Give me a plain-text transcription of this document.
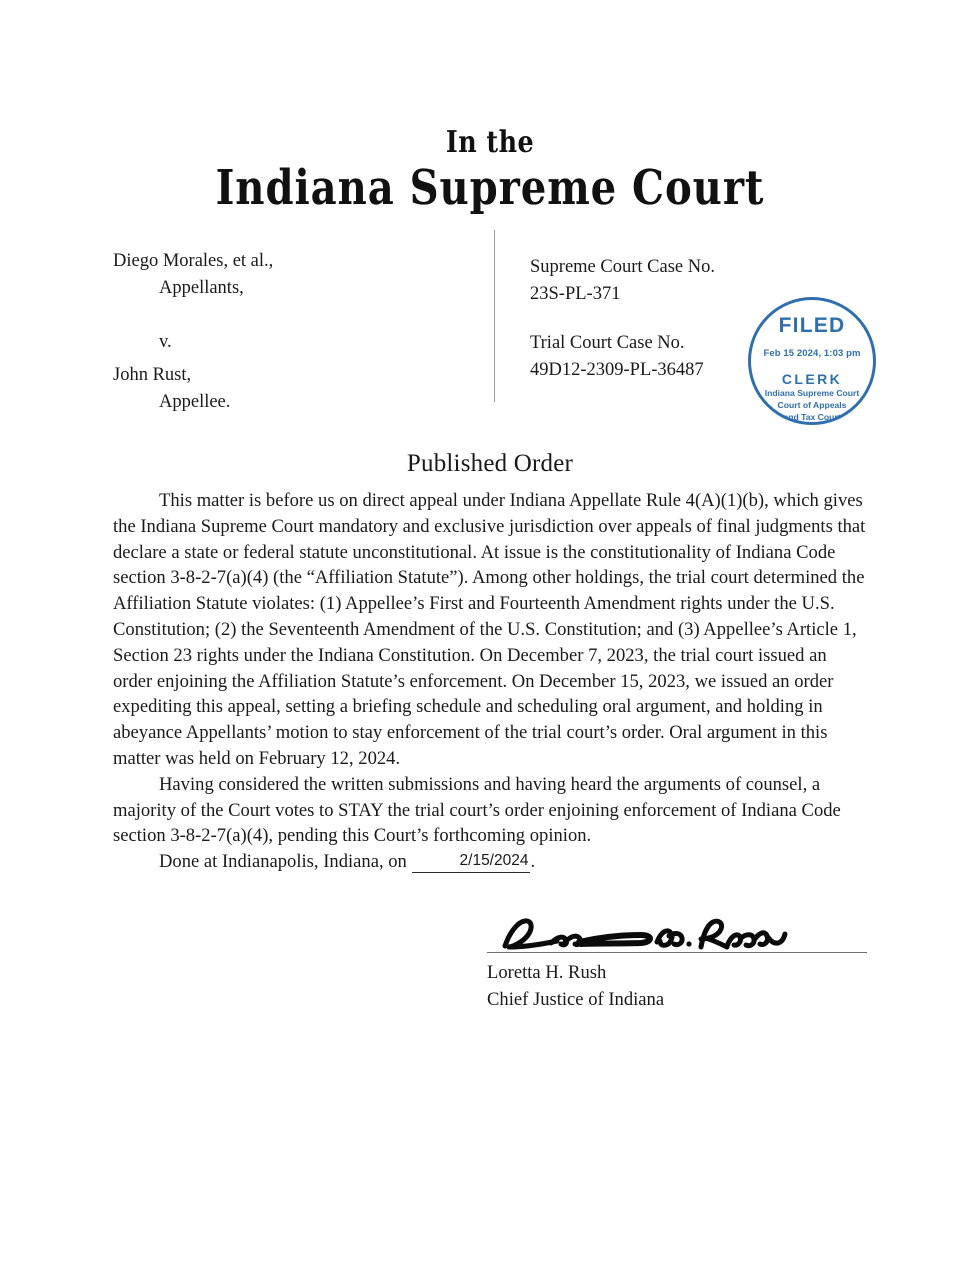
In the
Indiana Supreme Court

Diego Morales, et al.,

Appellants,

v.

John Rust,

Appellee.

Supreme Court Case No.

23S-PL-371

Trial Court Case No.

49D12-2309-PL-36487

FILED
Feb 15 2024, 1:03 pm
CLERK
Indiana Supreme Court
Court of Appeals
and Tax Court
Published Order

This matter is before us on direct appeal under Indiana Appellate Rule 4(A)(1)(b), which gives the Indiana Supreme Court mandatory and exclusive jurisdiction over appeals of final judgments that declare a state or federal statute unconstitutional. At issue is the constitutionality of Indiana Code section 3-8-2-7(a)(4) (the “Affiliation Statute”). Among other holdings, the trial court determined the Affiliation Statute violates: (1) Appellee’s First and Fourteenth Amendment rights under the U.S. Constitution; (2) the Seventeenth Amendment of the U.S. Constitution; and (3) Appellee’s Article 1, Section 23 rights under the Indiana Constitution. On December 7, 2023, the trial court issued an order enjoining the Affiliation Statute’s enforcement. On December 15, 2023, we issued an order expediting this appeal, setting a briefing schedule and scheduling oral argument, and holding in abeyance Appellants’ motion to stay enforcement of the trial court’s order. Oral argument in this matter was held on February 12, 2024.

Having considered the written submissions and having heard the arguments of counsel, a majority of the Court votes to STAY the trial court’s order enjoining enforcement of Indiana Code section 3-8-2-7(a)(4), pending this Court’s forthcoming opinion.

Done at Indianapolis, Indiana, on	2/15/2024 .

Loretta H. Rush

Chief Justice of Indiana
